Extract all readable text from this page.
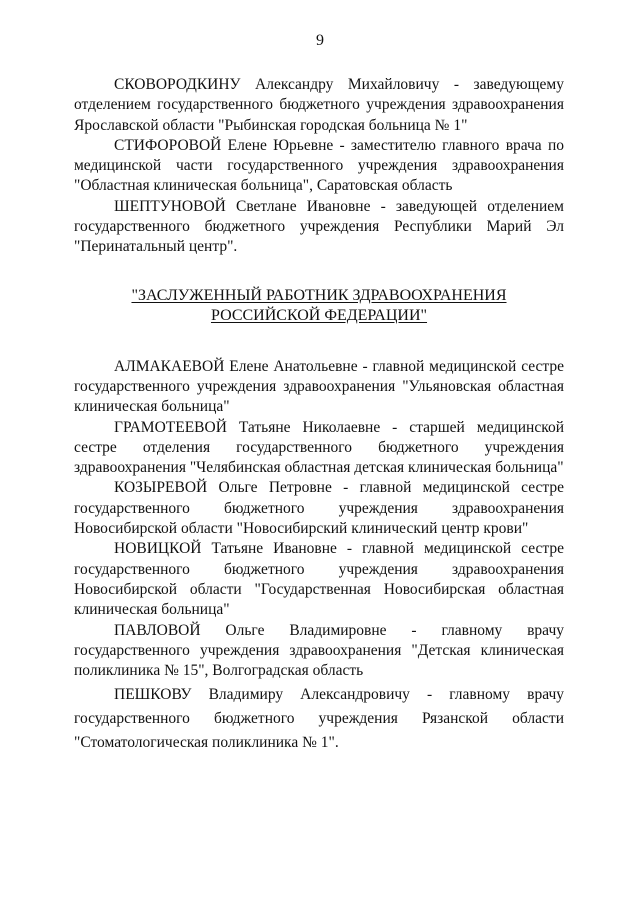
9

СКОВОРОДКИНУ Александру Михайловичу - заведующему отделением государственного бюджетного учреждения здравоохранения Ярославской области "Рыбинская городская больница № 1"

СТИФОРОВОЙ Елене Юрьевне - заместителю главного врача по медицинской части государственного учреждения здравоохранения "Областная клиническая больница", Саратовская область

ШЕПТУНОВОЙ Светлане Ивановне - заведующей отделением государственного бюджетного учреждения Республики Марий Эл "Перинатальный центр".

"ЗАСЛУЖЕННЫЙ РАБОТНИК ЗДРАВООХРАНЕНИЯ
РОССИЙСКОЙ ФЕДЕРАЦИИ"

АЛМАКАЕВОЙ Елене Анатольевне - главной медицинской сестре государственного учреждения здравоохранения "Ульяновская областная клиническая больница"

ГРАМОТЕЕВОЙ Татьяне Николаевне - старшей медицинской сестре отделения государственного бюджетного учреждения здравоохранения "Челябинская областная детская клиническая больница"

КОЗЫРЕВОЙ Ольге Петровне - главной медицинской сестре государственного бюджетного учреждения здравоохранения Новосибирской области "Новосибирский клинический центр крови"

НОВИЦКОЙ Татьяне Ивановне - главной медицинской сестре государственного бюджетного учреждения здравоохранения Новосибирской области "Государственная Новосибирская областная клиническая больница"

ПАВЛОВОЙ Ольге Владимировне - главному врачу государственного учреждения здравоохранения "Детская клиническая поликлиника № 15", Волгоградская область

ПЕШКОВУ Владимиру Александровичу - главному врачу государственного бюджетного учреждения Рязанской области "Стоматологическая поликлиника № 1".
